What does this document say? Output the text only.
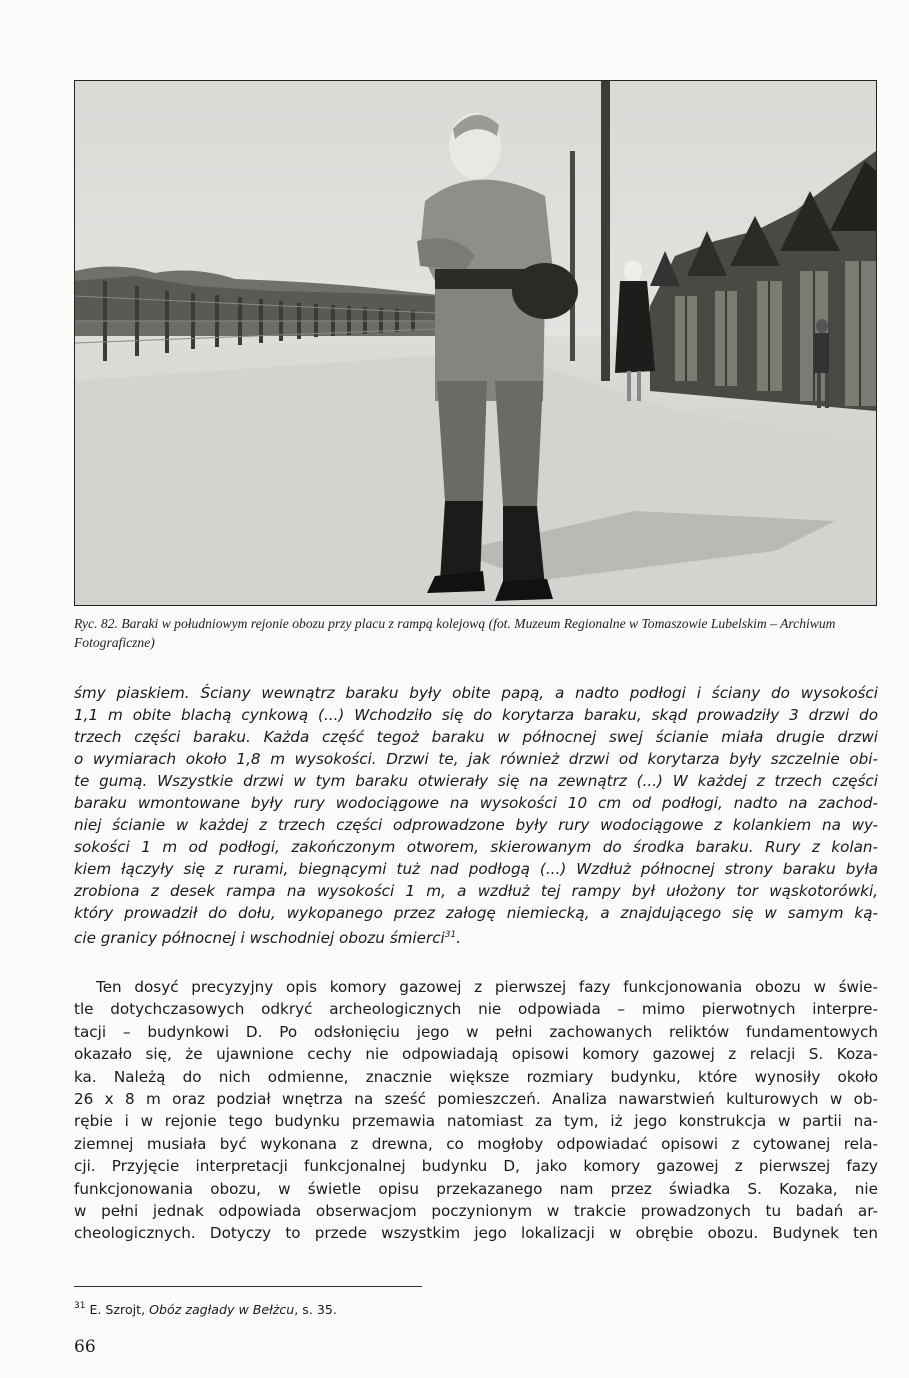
Ryc. 82. Baraki w południowym rejonie obozu przy placu z rampą kolejową (fot. Muzeum Regionalne w Tomaszowie Lubelskim – Archiwum Fotograficzne)
śmy piaskiem. Ściany wewnątrz baraku były obite papą, a nadto podłogi i ściany do wysokości
1,1 m obite blachą cynkową (...) Wchodziło się do korytarza baraku, skąd prowadziły 3 drzwi do
trzech części baraku. Każda część tegoż baraku w północnej swej ścianie miała drugie drzwi
o wymiarach około 1,8 m wysokości. Drzwi te, jak również drzwi od korytarza były szczelnie obi-
te gumą. Wszystkie drzwi w tym baraku otwierały się na zewnątrz (...) W każdej z trzech części
baraku wmontowane były rury wodociągowe na wysokości 10 cm od podłogi, nadto na zachod-
niej ścianie w każdej z trzech części odprowadzone były rury wodociągowe z kolankiem na wy-
sokości 1 m od podłogi, zakończonym otworem, skierowanym do środka baraku. Rury z kolan-
kiem łączyły się z rurami, biegnącymi tuż nad podłogą (...) Wzdłuż północnej strony baraku była
zrobiona z desek rampa na wysokości 1 m, a wzdłuż tej rampy był ułożony tor wąskotorówki,
który prowadził do dołu, wykopanego przez załogę niemiecką, a znajdującego się w samym ką-
cie granicy północnej i wschodniej obozu śmierci$^{31}$.
Ten dosyć precyzyjny opis komory gazowej z pierwszej fazy funkcjonowania obozu w świe-
tle dotychczasowych odkryć archeologicznych nie odpowiada – mimo pierwotnych interpre-
tacji – budynkowi D. Po odsłonięciu jego w pełni zachowanych reliktów fundamentowych
okazało się, że ujawnione cechy nie odpowiadają opisowi komory gazowej z relacji S. Koza-
ka. Należą do nich odmienne, znacznie większe rozmiary budynku, które wynosiły około
26 x 8 m oraz podział wnętrza na sześć pomieszczeń. Analiza nawarstwień kulturowych w ob-
rębie i w rejonie tego budynku przemawia natomiast za tym, iż jego konstrukcja w partii na-
ziemnej musiała być wykonana z drewna, co mogłoby odpowiadać opisowi z cytowanej rela-
cji. Przyjęcie interpretacji funkcjonalnej budynku D, jako komory gazowej z pierwszej fazy
funkcjonowania obozu, w świetle opisu przekazanego nam przez świadka S. Kozaka, nie
w pełni jednak odpowiada obserwacjom poczynionym w trakcie prowadzonych tu badań ar-
cheologicznych. Dotyczy to przede wszystkim jego lokalizacji w obrębie obozu. Budynek ten
$^{31}$ E. Szrojt, Obóz zagłady w Bełżcu, s. 35.
66
